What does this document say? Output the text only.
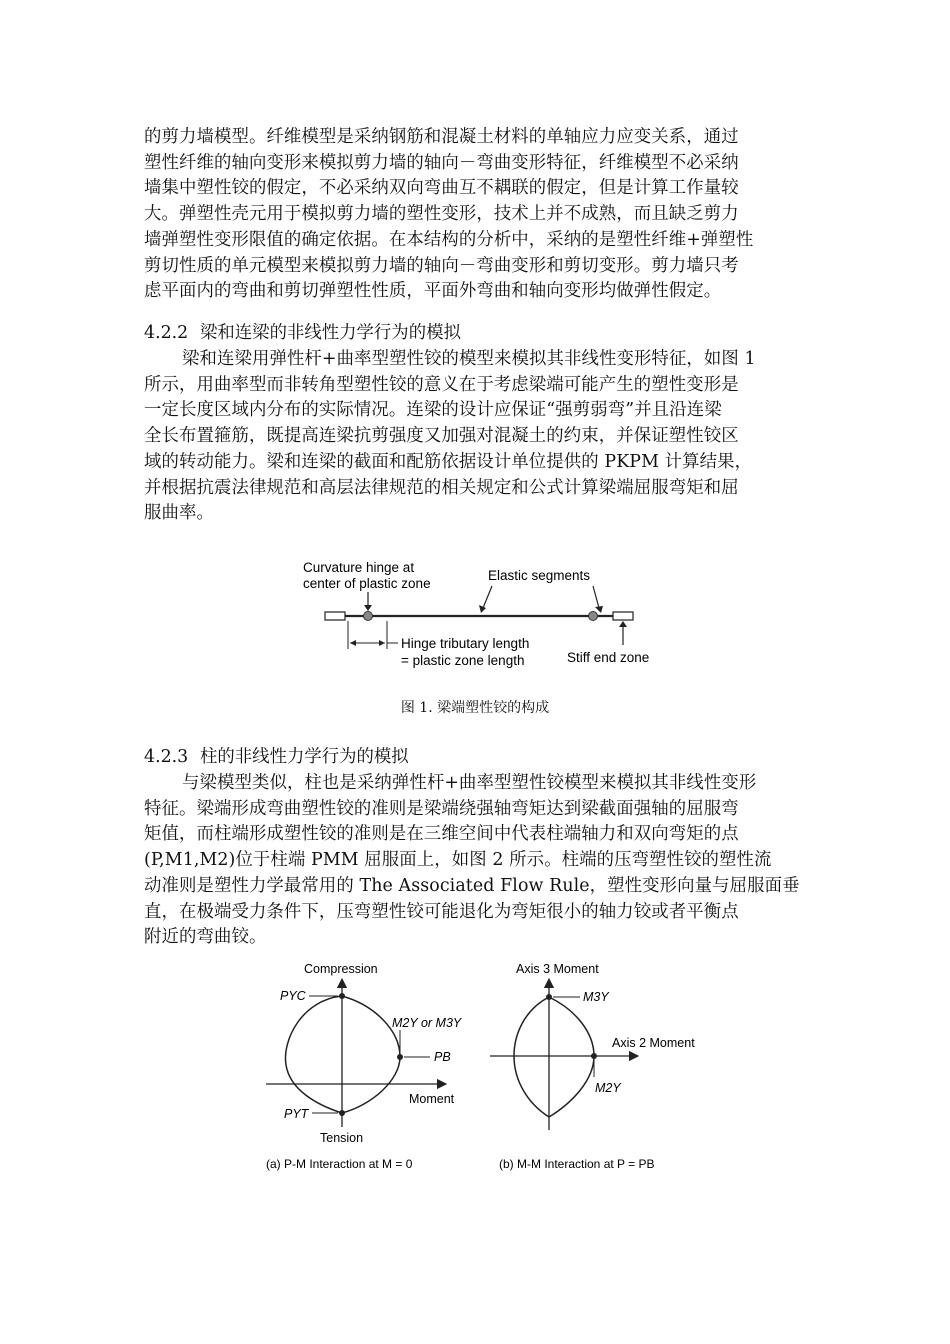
的剪力墙模型。纤维模型是采纳钢筋和混凝土材料的单轴应力应变关系，通过
塑性纤维的轴向变形来模拟剪力墙的轴向－弯曲变形特征，纤维模型不必采纳
墙集中塑性铰的假定，不必采纳双向弯曲互不耦联的假定，但是计算工作量较
大。弹塑性壳元用于模拟剪力墙的塑性变形，技术上并不成熟，而且缺乏剪力
墙弹塑性变形限值的确定依据。在本结构的分析中，采纳的是塑性纤维+弹塑性
剪切性质的单元模型来模拟剪力墙的轴向－弯曲变形和剪切变形。剪力墙只考
虑平面内的弯曲和剪切弹塑性性质，平面外弯曲和轴向变形均做弹性假定。

4.2.2 梁和连梁的非线性力学行为的模拟

梁和连梁用弹性杆+曲率型塑性铰的模型来模拟其非线性变形特征，如图 1
所示，用曲率型而非转角型塑性铰的意义在于考虑梁端可能产生的塑性变形是
一定长度区域内分布的实际情况。连梁的设计应保证“强剪弱弯”并且沿连梁
全长布置箍筋，既提高连梁抗剪强度又加强对混凝土的约束，并保证塑性铰区
域的转动能力。梁和连梁的截面和配筋依据设计单位提供的 PKPM 计算结果，
并根据抗震法律规范和高层法律规范的相关规定和公式计算梁端屈服弯矩和屈
服曲率。

Curvature hinge at
center of plastic zone
Elastic segments
Hinge tributary length
= plastic zone length	Stiff end zone
图 1. 梁端塑性铰的构成
4.2.3 柱的非线性力学行为的模拟

与梁模型类似，柱也是采纳弹性杆+曲率型塑性铰模型来模拟其非线性变形
特征。梁端形成弯曲塑性铰的准则是梁端绕强轴弯矩达到梁截面强轴的屈服弯
矩值，而柱端形成塑性铰的准则是在三维空间中代表柱端轴力和双向弯矩的点
(P,M1,M2)位于柱端 PMM 屈服面上，如图 2 所示。柱端的压弯塑性铰的塑性流
动准则是塑性力学最常用的 The Associated Flow Rule，塑性变形向量与屈服面垂
直，在极端受力条件下，压弯塑性铰可能退化为弯矩很小的轴力铰或者平衡点
附近的弯曲铰。

Compression
Tension
Moment
PYC
PYT
PB
M2Y or M3Y
(a) P-M Interaction at M = 0
Axis 3 Moment
Axis 2 Moment
M3Y
M2Y
(b) M-M Interaction at P = PB
